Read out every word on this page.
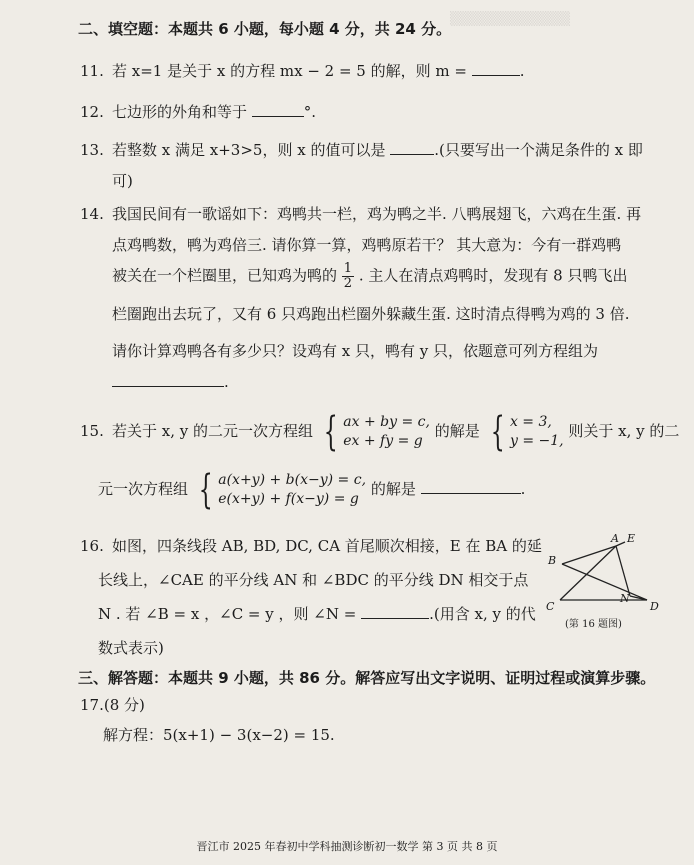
▒▒▒▒▒▒▒▒▒▒▒▒
二、填空题：本题共 6 小题，每小题 4 分，共 24 分。
11. 若 x=1 是关于 x 的方程 mx − 2 = 5 的解，则 m =	.
12. 七边形的外角和等于	°.
13. 若整数 x 满足 x+3>5，则 x 的值可以是	.(只要写出一个满足条件的 x 即
可)
14. 我国民间有一歌谣如下：鸡鸭共一栏，鸡为鸭之半. 八鸭展翅飞，六鸡在生蛋. 再
点鸡鸭数，鸭为鸡倍三. 请你算一算，鸡鸭原若干？ 其大意为：今有一群鸡鸭
被关在一个栏圈里，已知鸡为鸭的 $\frac{1}{2}$ . 主人在清点鸡鸭时，发现有 8 只鸭飞出
栏圈跑出去玩了，又有 6 只鸡跑出栏圈外躲藏生蛋. 这时清点得鸭为鸡的 3 倍.
请你计算鸡鸭各有多少只？设鸡有 x 只，鸭有 y 只，依题意可列方程组为
.
15. 若关于 x, y 的二元一次方程组 { ax + by = c,
ex + fy = g
的解是 { x = 3,
y = −1,
则关于 x, y 的二
元一次方程组 { a(x+y) + b(x−y) = c,
e(x+y) + f(x−y) = g
的解是	.
16. 如图，四条线段 AB, BD, DC, CA 首尾顺次相接，E 在 BA 的延
长线上，∠CAE 的平分线 AN 和 ∠BDC 的平分线 DN 相交于点
N . 若 ∠B = x ，∠C = y ，则 ∠N =	.(用含 x, y 的代
数式表示)
A
B
C	D
E
N
(第 16 题图)
三、解答题：本题共 9 小题，共 86 分。解答应写出文字说明、证明过程或演算步骤。
17.(8 分)
解方程：5(x+1) − 3(x−2) = 15.
晋江市 2025 年春初中学科抽测诊断初一数学 第 3 页 共 8 页
